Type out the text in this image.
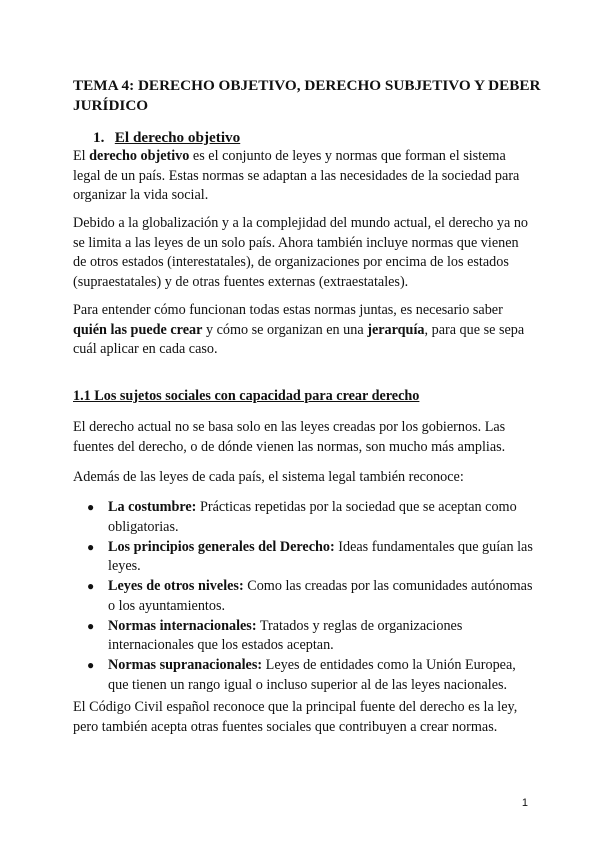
TEMA 4: DERECHO OBJETIVO, DERECHO SUBJETIVO Y DEBER JURÍDICO
1. El derecho objetivo

El derecho objetivo es el conjunto de leyes y normas que forman el sistema legal de un país. Estas normas se adaptan a las necesidades de la sociedad para organizar la vida social.

Debido a la globalización y a la complejidad del mundo actual, el derecho ya no se limita a las leyes de un solo país. Ahora también incluye normas que vienen de otros estados (interestatales), de organizaciones por encima de los estados (supraestatales) y de otras fuentes externas (extraestatales).

Para entender cómo funcionan todas estas normas juntas, es necesario saber quién las puede crear y cómo se organizan en una jerarquía, para que se sepa cuál aplicar en cada caso.

1.1 Los sujetos sociales con capacidad para crear derecho

El derecho actual no se basa solo en las leyes creadas por los gobiernos. Las fuentes del derecho, o de dónde vienen las normas, son mucho más amplias.

Además de las leyes de cada país, el sistema legal también reconoce:

● La costumbre: Prácticas repetidas por la sociedad que se aceptan como obligatorias.
● Los principios generales del Derecho: Ideas fundamentales que guían las leyes.
● Leyes de otros niveles: Como las creadas por las comunidades autónomas o los ayuntamientos.
● Normas internacionales: Tratados y reglas de organizaciones internacionales que los estados aceptan.
● Normas supranacionales: Leyes de entidades como la Unión Europea, que tienen un rango igual o incluso superior al de las leyes nacionales.

El Código Civil español reconoce que la principal fuente del derecho es la ley, pero también acepta otras fuentes sociales que contribuyen a crear normas.

1
